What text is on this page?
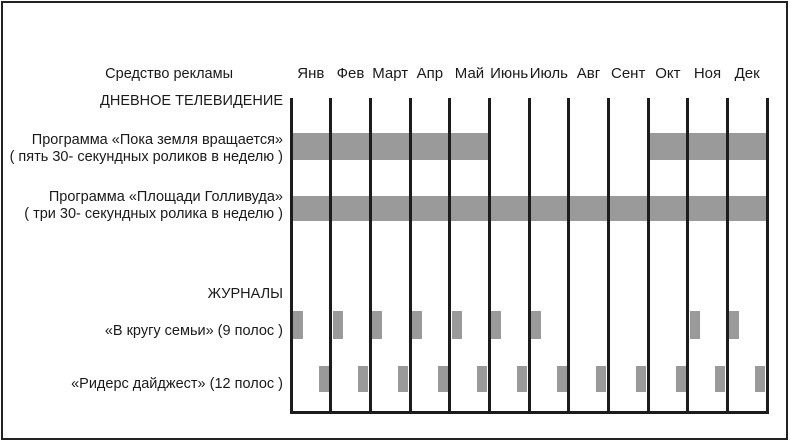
Средство рекламы
ДНЕВНОЕ ТЕЛЕВИДЕНИЕ
Программа «Пока земля вращается»
( пять 30- секундных роликов в неделю )
Программа «Площади Голливуда»
( три 30- секундных ролика в неделю )
ЖУРНАЛЫ
«В кругу семьи» (9 полос )
«Ридерс дайджест» (12 полос )
Янв Фев Март Апр Май Июнь Июль Авг Сент Окт Ноя Дек
